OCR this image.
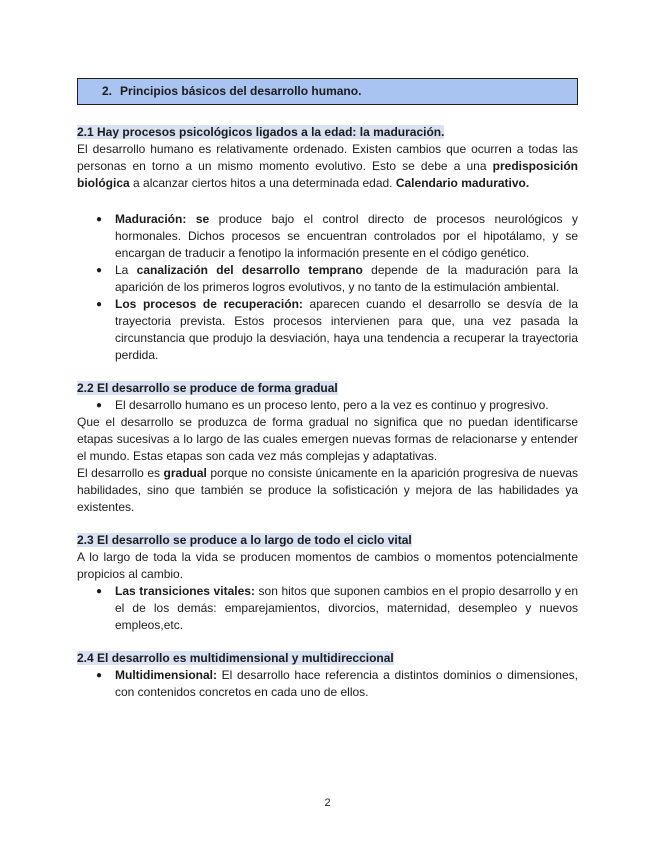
2. Principios básicos del desarrollo humano.
2.1 Hay procesos psicológicos ligados a la edad: la maduración.

El desarrollo humano es relativamente ordenado. Existen cambios que ocurren a todas las personas en torno a un mismo momento evolutivo. Esto se debe a una predisposición biológica a alcanzar ciertos hitos a una determinada edad. Calendario madurativo.

● Maduración: se produce bajo el control directo de procesos neurológicos y hormonales. Dichos procesos se encuentran controlados por el hipotálamo, y se encargan de traducir a fenotipo la información presente en el código genético.
● La canalización del desarrollo temprano depende de la maduración para la aparición de los primeros logros evolutivos, y no tanto de la estimulación ambiental.
● Los procesos de recuperación: aparecen cuando el desarrollo se desvía de la trayectoria prevista. Estos procesos intervienen para que, una vez pasada la circunstancia que produjo la desviación, haya una tendencia a recuperar la trayectoria perdida.
2.2 El desarrollo se produce de forma gradual
● El desarrollo humano es un proceso lento, pero a la vez es continuo y progresivo.

Que el desarrollo se produzca de forma gradual no significa que no puedan identificarse etapas sucesivas a lo largo de las cuales emergen nuevas formas de relacionarse y entender el mundo. Estas etapas son cada vez más complejas y adaptativas.

El desarrollo es gradual porque no consiste únicamente en la aparición progresiva de nuevas habilidades, sino que también se produce la sofisticación y mejora de las habilidades ya existentes.

2.3 El desarrollo se produce a lo largo de todo el ciclo vital

A lo largo de toda la vida se producen momentos de cambios o momentos potencialmente propicios al cambio.

● Las transiciones vitales: son hitos que suponen cambios en el propio desarrollo y en el de los demás: emparejamientos, divorcios, maternidad, desempleo y nuevos empleos,etc.
2.4 El desarrollo es multidimensional y multidireccional
● Multidimensional: El desarrollo hace referencia a distintos dominios o dimensiones, con contenidos concretos en cada uno de ellos.
2
